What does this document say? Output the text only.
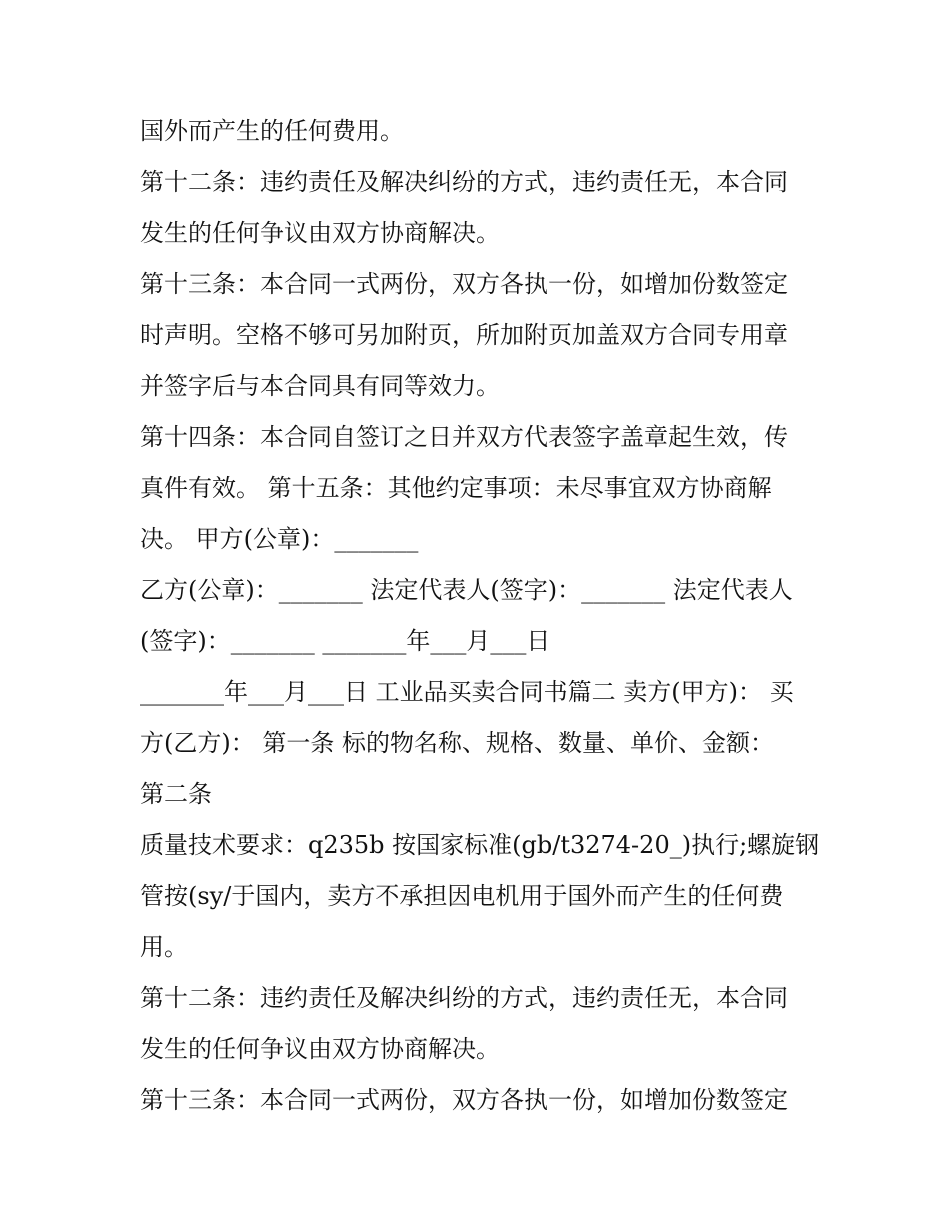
国外而产生的任何费用。
第十二条：违约责任及解决纠纷的方式，违约责任无，本合同
发生的任何争议由双方协商解决。
第十三条：本合同一式两份，双方各执一份，如增加份数签定
时声明。空格不够可另加附页，所加附页加盖双方合同专用章
并签字后与本合同具有同等效力。
第十四条：本合同自签订之日并双方代表签字盖章起生效，传
真件有效。 第十五条：其他约定事项：未尽事宜双方协商解
决。 甲方(公章)：_______
乙方(公章)：_______ 法定代表人(签字)：_______ 法定代表人
(签字)：_______ _______年___月___日
_______年___月___日 工业品买卖合同书篇二 卖方(甲方)： 买
方(乙方)： 第一条 标的物名称、规格、数量、单价、金额：
第二条
质量技术要求：q235b 按国家标准(gb/t3274-20_)执行;螺旋钢
管按(sy/于国内，卖方不承担因电机用于国外而产生的任何费
用。
第十二条：违约责任及解决纠纷的方式，违约责任无，本合同
发生的任何争议由双方协商解决。
第十三条：本合同一式两份，双方各执一份，如增加份数签定
